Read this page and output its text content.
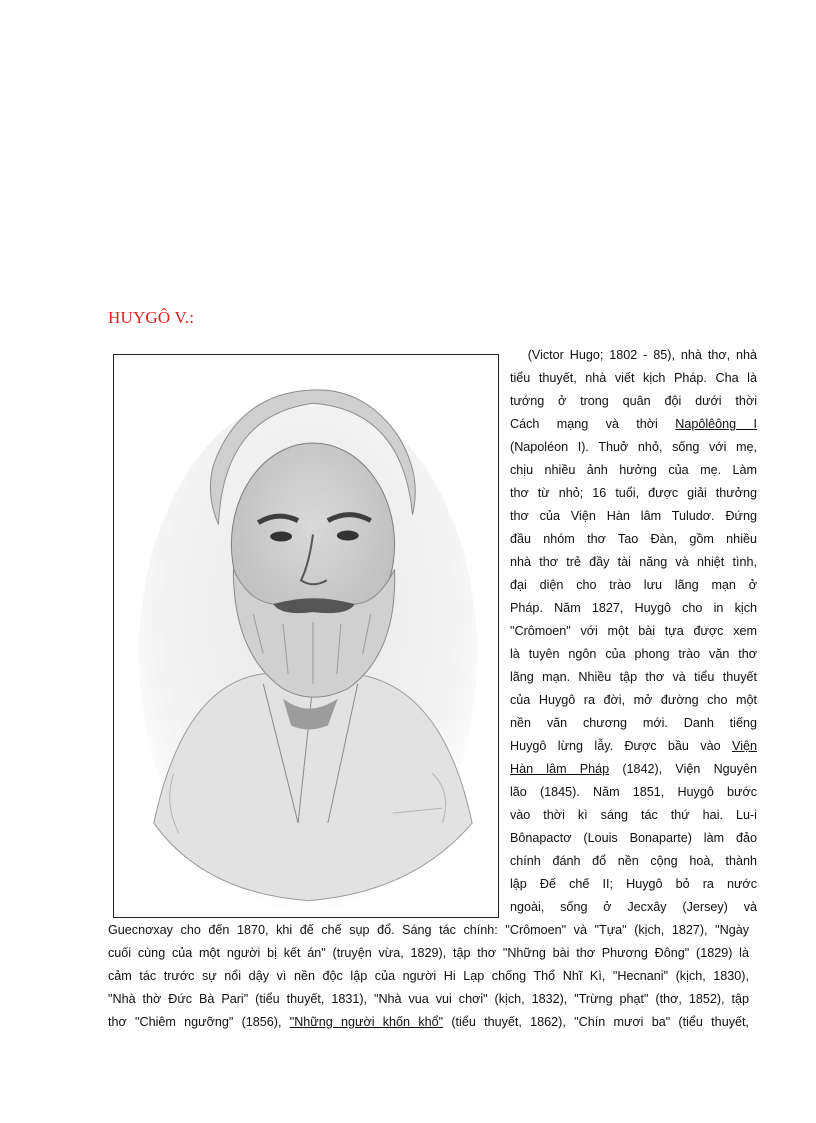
HUYGÔ V.:
(Victor Hugo; 1802 - 85), nhà thơ, nhà
tiểu thuyết, nhà viết kịch Pháp. Cha là
tướng ở trong quân đội dưới thời
Cách mạng và thời Napôlêông I
(Napoléon I). Thuở nhỏ, sống với mẹ,
chịu nhiều ảnh hưởng của mẹ. Làm
thơ từ nhỏ; 16 tuổi, được giải thưởng
thơ của Viện Hàn lâm Tuludơ. Đứng
đầu nhóm thơ Tao Đàn, gồm nhiều
nhà thơ trẻ đầy tài năng và nhiệt tình,
đại diện cho trào lưu lãng mạn ở
Pháp. Năm 1827, Huygô cho in kịch
"Crômoen" với một bài tựa được xem
là tuyên ngôn của phong trào văn thơ
lãng mạn. Nhiều tập thơ và tiểu thuyết
của Huygô ra đời, mở đường cho một
nền văn chương mới. Danh tiếng
Huygô lừng lẫy. Được bầu vào Viện
Hàn lâm Pháp (1842), Viện Nguyên
lão (1845). Năm 1851, Huygô bước
vào thời kì sáng tác thứ hai. Lu-i
Bônapactơ (Louis Bonaparte) làm đảo
chính đánh đổ nền cộng hoà, thành
lập Đế chế II; Huygô bỏ ra nước
ngoài, sống ở Jecxây (Jersey) và
Guecnơxay cho đến 1870, khi đế chế sụp đổ. Sáng tác chính: "Crômoen" và "Tựa" (kịch, 1827), "Ngày
cuối cùng của một người bị kết án" (truyện vừa, 1829), tập thơ "Những bài thơ Phương Đông" (1829) là
cảm tác trước sự nổi dậy vì nền độc lập của người Hi Lạp chống Thổ Nhĩ Kì, "Hecnani" (kịch, 1830),
"Nhà thờ Đức Bà Pari" (tiểu thuyết, 1831), "Nhà vua vui chơi" (kịch, 1832), "Trừng phạt" (thơ, 1852), tập
thơ "Chiêm ngưỡng" (1856), "Những người khốn khổ" (tiểu thuyết, 1862), "Chín mươi ba" (tiểu thuyết,
